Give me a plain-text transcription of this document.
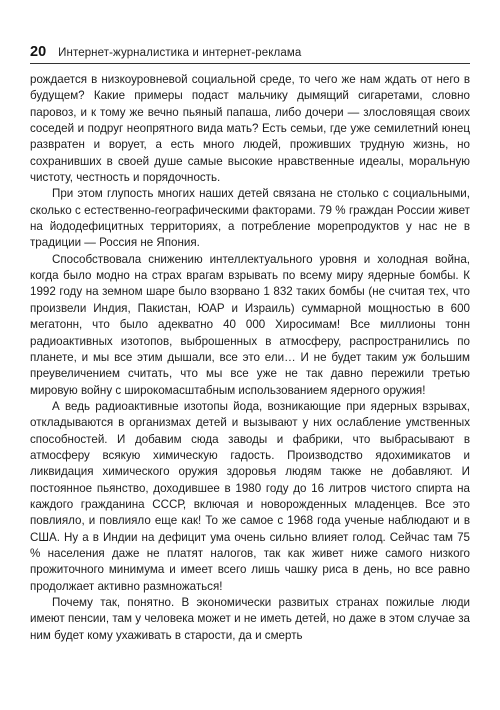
20 Интернет-журналистика и интернет-реклама

рождается в низкоуровневой социальной среде, то чего же нам ждать от него в будущем? Какие примеры подаст мальчику дымящий сигаретами, словно паровоз, и к тому же вечно пьяный папаша, либо дочери — злословящая своих соседей и подруг неопрятного вида мать? Есть семьи, где уже семилетний юнец развратен и ворует, а есть много людей, проживших трудную жизнь, но сохранивших в своей душе самые высокие нравственные идеалы, моральную чистоту, честность и порядочность.

При этом глупость многих наших детей связана не столько с социальными, сколько с естественно-географическими факторами. 79 % граждан России живет на йододефицитных территориях, а потребление морепродуктов у нас не в традиции — Россия не Япония.

Способствовала снижению интеллектуального уровня и холодная война, когда было модно на страх врагам взрывать по всему миру ядерные бомбы. К 1992 году на земном шаре было взорвано 1 832 таких бомбы (не считая тех, что произвели Индия, Пакистан, ЮАР и Израиль) суммарной мощностью в 600 мегатонн, что было адекватно 40 000 Хиросимам! Все миллионы тонн радиоактивных изотопов, выброшенных в атмосферу, распространились по планете, и мы все этим дышали, все это ели… И не будет таким уж большим преувеличением считать, что мы все уже не так давно пережили третью мировую войну с широкомасштабным использованием ядерного оружия!

А ведь радиоактивные изотопы йода, возникающие при ядерных взрывах, откладываются в организмах детей и вызывают у них ослабление умственных способностей. И добавим сюда заводы и фабрики, что выбрасывают в атмосферу всякую химическую гадость. Производство ядохимикатов и ликвидация химического оружия здоровья людям также не добавляют. И постоянное пьянство, доходившее в 1980 году до 16 литров чистого спирта на каждого гражданина СССР, включая и новорожденных младенцев. Все это повлияло, и повлияло еще как! То же самое с 1968 года ученые наблюдают и в США. Ну а в Индии на дефицит ума очень сильно влияет голод. Сейчас там 75 % населения даже не платят налогов, так как живет ниже самого низкого прожиточного минимума и имеет всего лишь чашку риса в день, но все равно продолжает активно размножаться!

Почему так, понятно. В экономически развитых странах пожилые люди имеют пенсии, там у человека может и не иметь детей, но даже в этом случае за ним будет кому ухаживать в старости, да и смерть
